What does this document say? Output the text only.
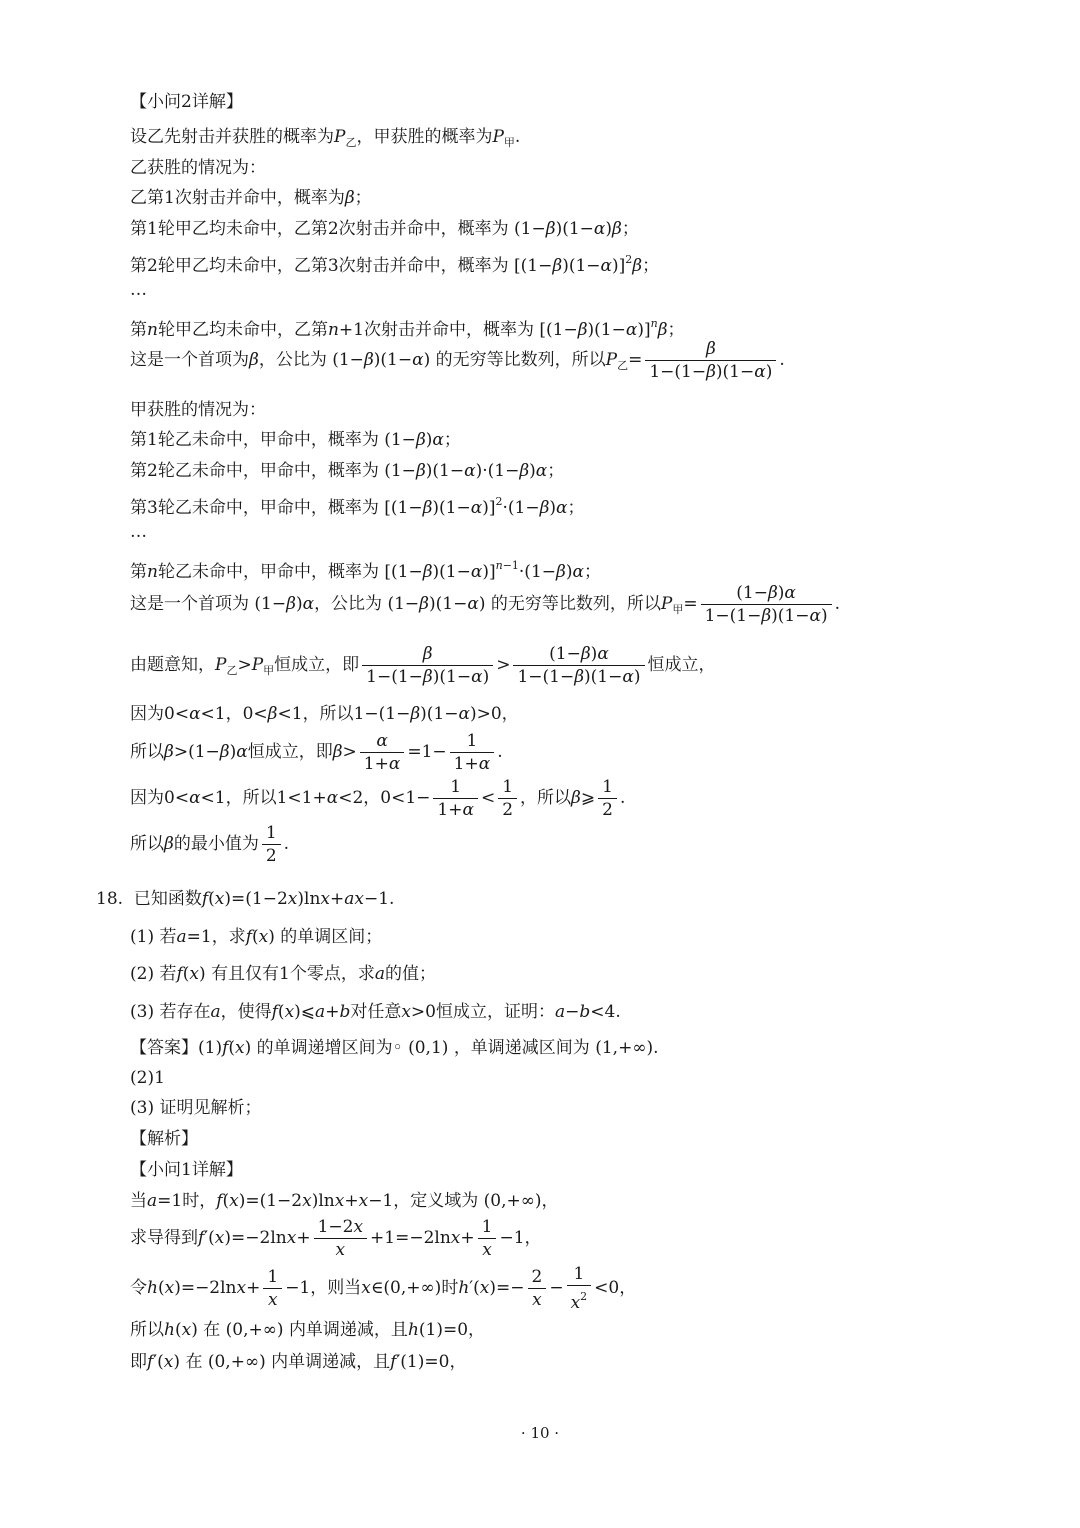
【小问2详解】
设乙先射击并获胜的概率为$P_乙$，甲获胜的概率为$P_甲$.
乙获胜的情况为：
乙第1次射击并命中，概率为β；
第1轮甲乙均未命中，乙第2次射击并命中，概率为 (1−β)(1−α)β；
第2轮甲乙均未命中，乙第3次射击并命中，概率为 $[(1-\beta)(1-\alpha)]^2\beta$；
…
第n轮甲乙均未命中，乙第n+1次射击并命中，概率为 $[(1-\beta)(1-\alpha)]^n\beta$；
这是一个首项为β，公比为 (1−β)(1−α) 的无穷等比数列，所以$P_乙= \frac{\beta}{1-(1-\beta)(1-\alpha)}$ .
甲获胜的情况为：
第1轮乙未命中，甲命中，概率为 (1−β)α；
第2轮乙未命中，甲命中，概率为 (1−β)(1−α)·(1−β)α；
第3轮乙未命中，甲命中，概率为 $[(1-\beta)(1-\alpha)]^2\cdot(1-\beta)\alpha$；
…
第n轮乙未命中，甲命中，概率为 $[(1-\beta)(1-\alpha)]^{n-1}\cdot(1-\beta)\alpha$；
这是一个首项为 (1−β)α，公比为 (1−β)(1−α) 的无穷等比数列，所以$P_甲= \frac{(1-\beta)\alpha}{1-(1-\beta)(1-\alpha)}$ .
由题意知，$P_乙>P_甲$恒成立，即 $\frac{\beta}{1-(1-\beta)(1-\alpha)} > \frac{(1-\beta)\alpha}{1-(1-\beta)(1-\alpha)}$ 恒成立，
因为0<α<1，0<β<1，所以1−(1−β)(1−α)>0，
所以β>(1−β)α恒成立，即$\beta> \frac{\alpha}{1+\alpha} =1- \frac{1}{1+\alpha}$ .
因为0<α<1，所以1<1+α<2，$0<1- \frac{1}{1+\alpha} < \frac{1}{2}$ ，所以β⩾ $\frac{1}{2}$ .
所以β的最小值为 $\frac{1}{2}$ .
18. 已知函数f(x)=(1−2x)lnx+ax−1.
(1) 若a=1，求f(x) 的单调区间；
(2) 若f(x) 有且仅有1个零点，求a的值；
(3) 若存在a，使得f(x)⩽a+b对任意x>0恒成立，证明：a−b<4.
【答案】(1)f(x) 的单调递增区间为◦ (0,1) ，单调递减区间为 (1,+∞).
(2)1
(3) 证明见解析；
【解析】
【小问1详解】
当a=1时，f(x)=(1−2x)lnx+x−1，定义域为 (0,+∞)，
求导得到$f'(x)=-2\ln x+ \frac{1-2x}{x} +1=-2\ln x+ \frac{1}{x} -1$，
令$h(x)=-2\ln x+ \frac{1}{x} -1$，则当x∈(0,+∞)时$h'(x)=- \frac{2}{x} - \frac{1}{x^2} <0$，
所以h(x) 在 (0,+∞) 内单调递减，且h(1)=0，
即f′(x) 在 (0,+∞) 内单调递减，且f′(1)=0，
· 10 ·
